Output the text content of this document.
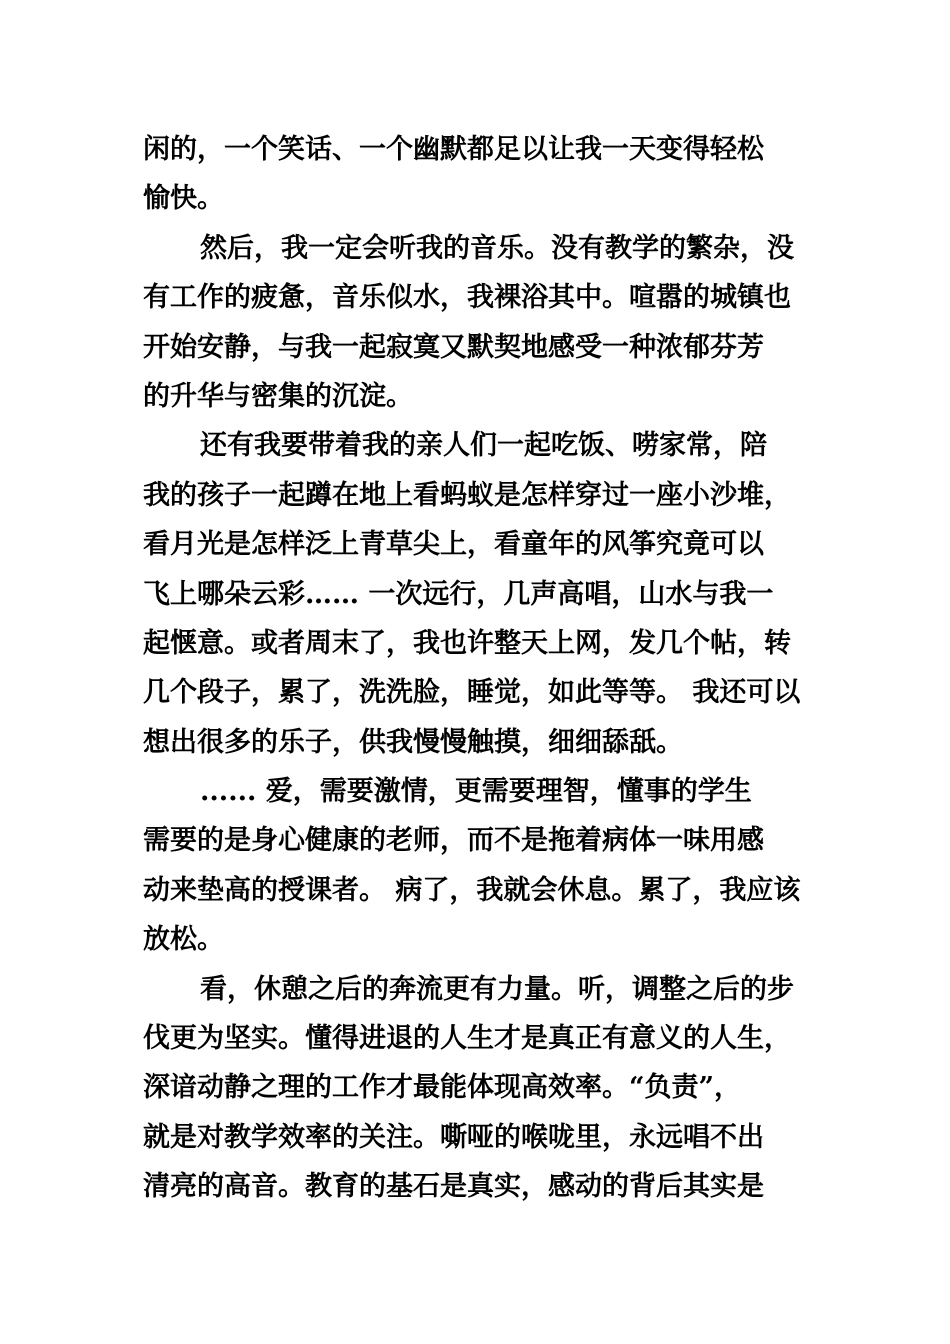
闲的，一个笑话、一个幽默都足以让我一天变得轻松
愉快。
然后，我一定会听我的音乐。没有教学的繁杂，没
有工作的疲惫，音乐似水，我裸浴其中。喧嚣的城镇也
开始安静，与我一起寂寞又默契地感受一种浓郁芬芳
的升华与密集的沉淀。
还有我要带着我的亲人们一起吃饭、唠家常，陪
我的孩子一起蹲在地上看蚂蚁是怎样穿过一座小沙堆，
看月光是怎样泛上青草尖上，看童年的风筝究竟可以
飞上哪朵云彩…… 一次远行，几声高唱，山水与我一
起惬意。或者周末了，我也许整天上网，发几个帖，转
几个段子，累了，洗洗脸，睡觉，如此等等。 我还可以
想出很多的乐子，供我慢慢触摸，细细舔舐。
...... 爱，需要激情，更需要理智，懂事的学生
需要的是身心健康的老师，而不是拖着病体一味用感
动来垫高的授课者。 病了，我就会休息。累了，我应该
放松。
看，休憩之后的奔流更有力量。听，调整之后的步
伐更为坚实。懂得进退的人生才是真正有意义的人生，
深谙动静之理的工作才最能体现高效率。“负责”，
就是对教学效率的关注。嘶哑的喉咙里，永远唱不出
清亮的高音。教育的基石是真实，感动的背后其实是
